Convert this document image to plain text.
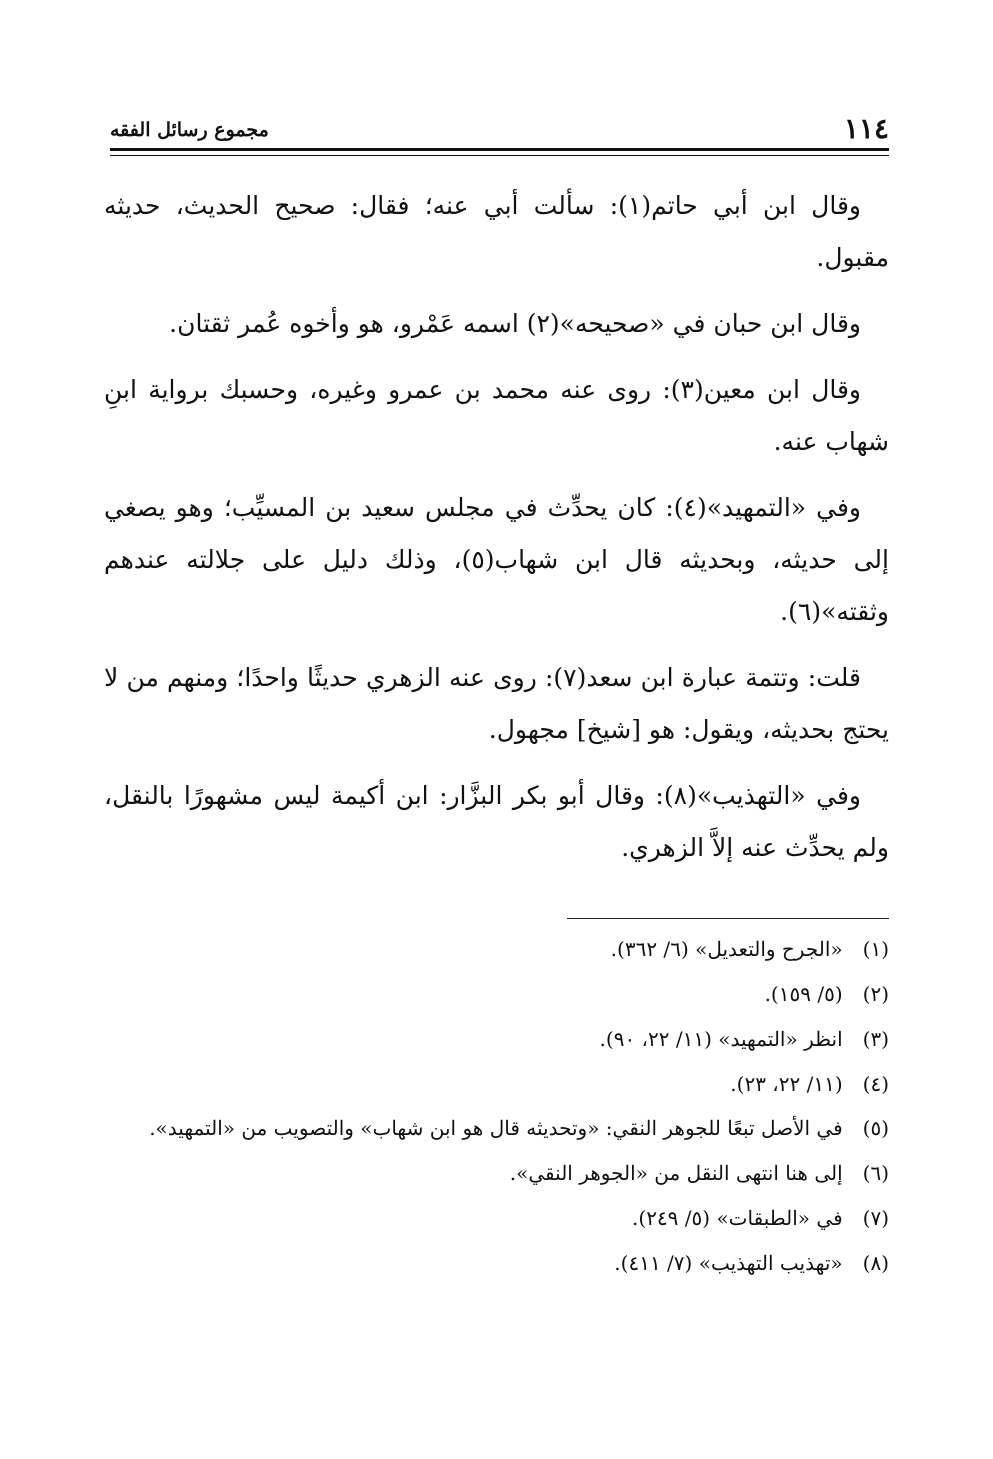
١١٤
مجموع رسائل الفقه

وقال ابن أبي حاتم(١): سألت أبي عنه؛ فقال: صحيح الحديث، حديثه مقبول.

وقال ابن حبان في «صحيحه»(٢) اسمه عَمْرو، هو وأخوه عُمر ثقتان.

وقال ابن معين(٣): روى عنه محمد بن عمرو وغيره، وحسبك برواية ابنِ شهاب عنه.

وفي «التمهيد»(٤): كان يحدِّث في مجلس سعيد بن المسيِّب؛ وهو يصغي إلى حديثه، وبحديثه قال ابن شهاب(٥)، وذلك دليل على جلالته عندهم وثقته»(٦).

قلت: وتتمة عبارة ابن سعد(٧): روى عنه الزهري حديثًا واحدًا؛ ومنهم من لا يحتج بحديثه، ويقول: هو [شيخ] مجهول.

وفي «التهذيب»(٨): وقال أبو بكر البزَّار: ابن أكيمة ليس مشهورًا بالنقل، ولم يحدِّث عنه إلاَّ الزهري.

(١) «الجرح والتعديل» (٦/ ٣٦٢).
(٢) (٥/ ١٥٩).
(٣) انظر «التمهيد» (١١/ ٢٢، ٩٠).
(٤) (١١/ ٢٢، ٢٣).
(٥) في الأصل تبعًا للجوهر النقي: «وتحديثه قال هو ابن شهاب» والتصويب من «التمهيد».
(٦) إلى هنا انتهى النقل من «الجوهر النقي».
(٧) في «الطبقات» (٥/ ٢٤٩).
(٨) «تهذيب التهذيب» (٧/ ٤١١).
